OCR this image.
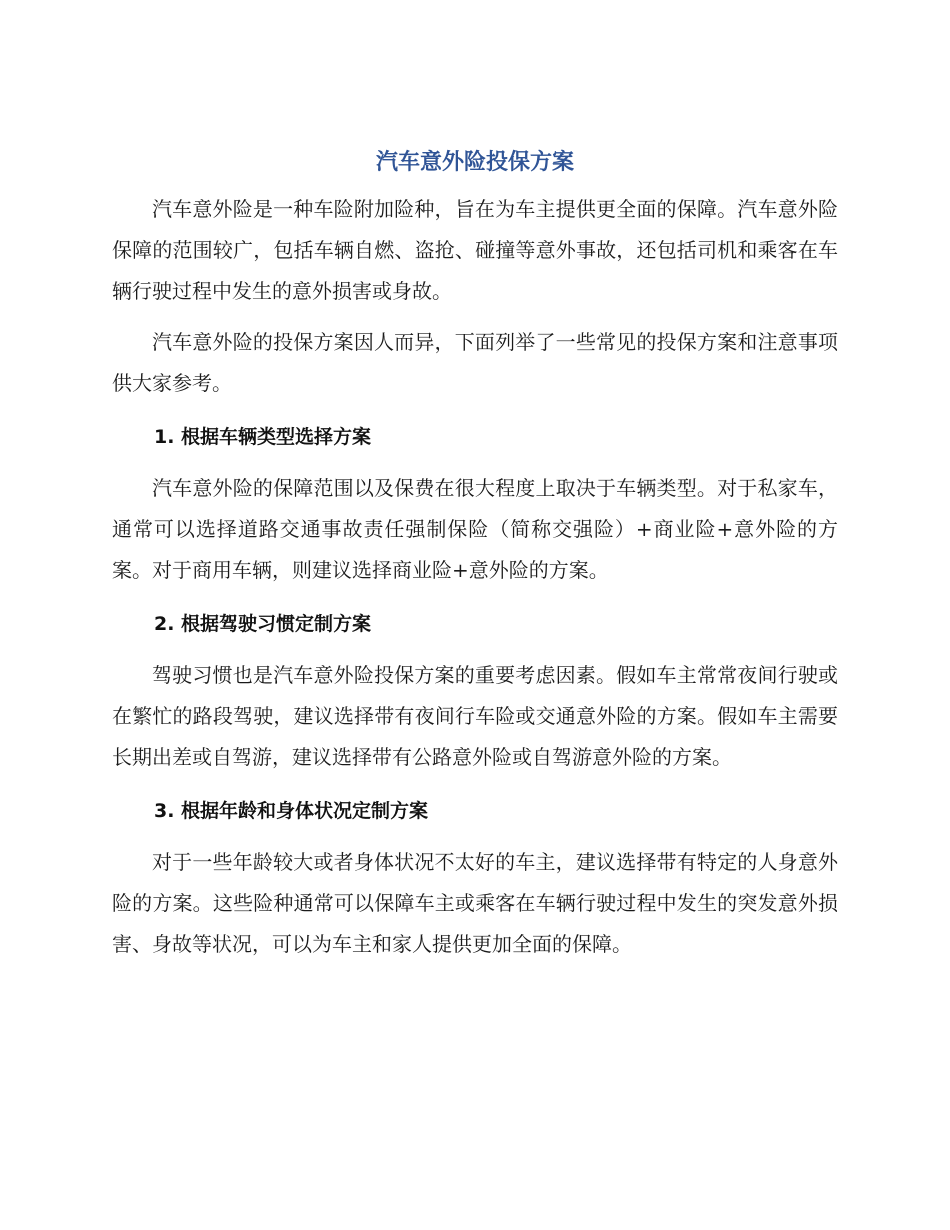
汽车意外险投保方案

汽车意外险是一种车险附加险种，旨在为车主提供更全面的保障。汽车意外险保障的范围较广，包括车辆自燃、盗抢、碰撞等意外事故，还包括司机和乘客在车辆行驶过程中发生的意外损害或身故。

汽车意外险的投保方案因人而异，下面列举了一些常见的投保方案和注意事项供大家参考。

1. 根据车辆类型选择方案

汽车意外险的保障范围以及保费在很大程度上取决于车辆类型。对于私家车，通常可以选择道路交通事故责任强制保险（简称交强险）+商业险+意外险的方案。对于商用车辆，则建议选择商业险+意外险的方案。

2. 根据驾驶习惯定制方案

驾驶习惯也是汽车意外险投保方案的重要考虑因素。假如车主常常夜间行驶或在繁忙的路段驾驶，建议选择带有夜间行车险或交通意外险的方案。假如车主需要长期出差或自驾游，建议选择带有公路意外险或自驾游意外险的方案。

3. 根据年龄和身体状况定制方案

对于一些年龄较大或者身体状况不太好的车主，建议选择带有特定的人身意外险的方案。这些险种通常可以保障车主或乘客在车辆行驶过程中发生的突发意外损害、身故等状况，可以为车主和家人提供更加全面的保障。
